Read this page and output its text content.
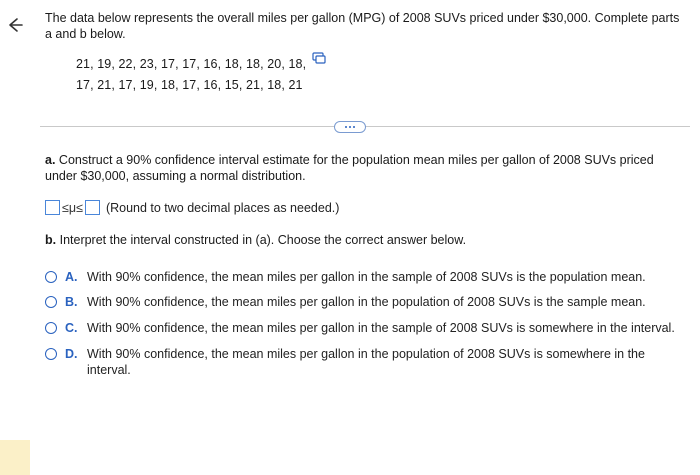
The data below represents the overall miles per gallon (MPG) of 2008 SUVs priced under $30,000. Complete parts a and b below.
21, 19, 22, 23, 17, 17, 16, 18, 18, 20, 18,
17, 21, 17, 19, 18, 17, 16, 15, 21, 18, 21
a. Construct a 90% confidence interval estimate for the population mean miles per gallon of 2008 SUVs priced under $30,000, assuming a normal distribution.
≤μ≤ (Round to two decimal places as needed.)
b. Interpret the interval constructed in (a). Choose the correct answer below.
A. With 90% confidence, the mean miles per gallon in the sample of 2008 SUVs is the population mean.
B. With 90% confidence, the mean miles per gallon in the population of 2008 SUVs is the sample mean.
C. With 90% confidence, the mean miles per gallon in the sample of 2008 SUVs is somewhere in the interval.
D. With 90% confidence, the mean miles per gallon in the population of 2008 SUVs is somewhere in the interval.
